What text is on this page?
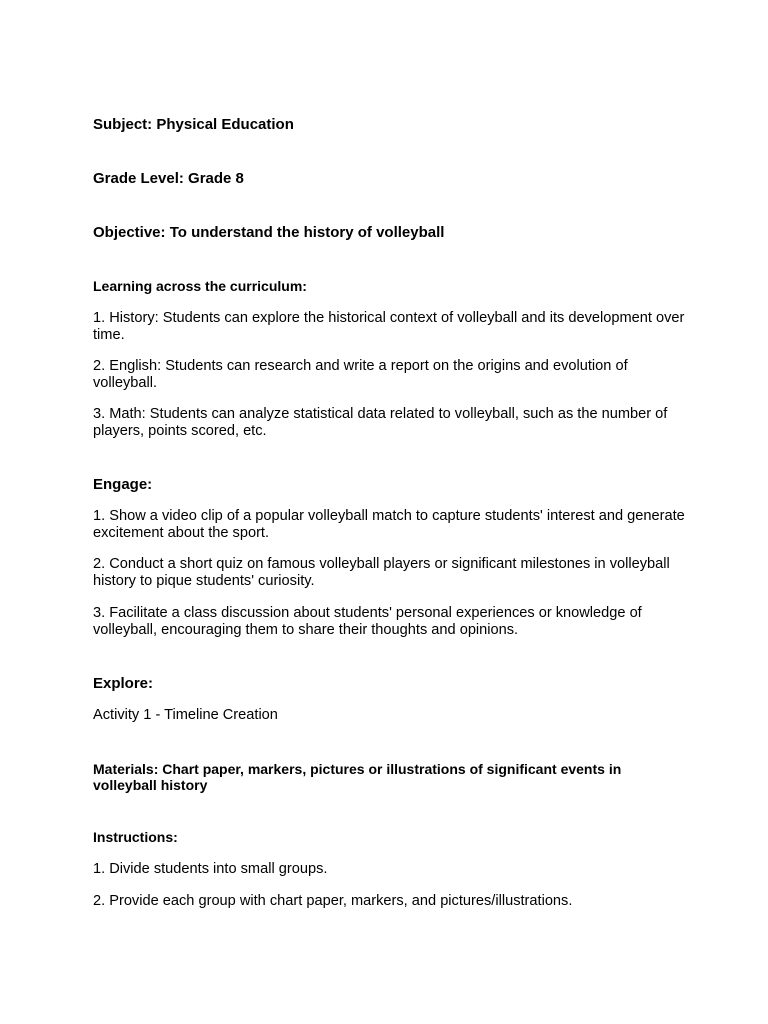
Subject: Physical Education
Grade Level: Grade 8
Objective: To understand the history of volleyball
Learning across the curriculum:
1. History: Students can explore the historical context of volleyball and its development over time.
2. English: Students can research and write a report on the origins and evolution of volleyball.
3. Math: Students can analyze statistical data related to volleyball, such as the number of players, points scored, etc.
Engage:
1. Show a video clip of a popular volleyball match to capture students' interest and generate excitement about the sport.
2. Conduct a short quiz on famous volleyball players or significant milestones in volleyball history to pique students' curiosity.
3. Facilitate a class discussion about students' personal experiences or knowledge of volleyball, encouraging them to share their thoughts and opinions.
Explore:
Activity 1 - Timeline Creation
Materials: Chart paper, markers, pictures or illustrations of significant events in volleyball history
Instructions:
1. Divide students into small groups.
2. Provide each group with chart paper, markers, and pictures/illustrations.
